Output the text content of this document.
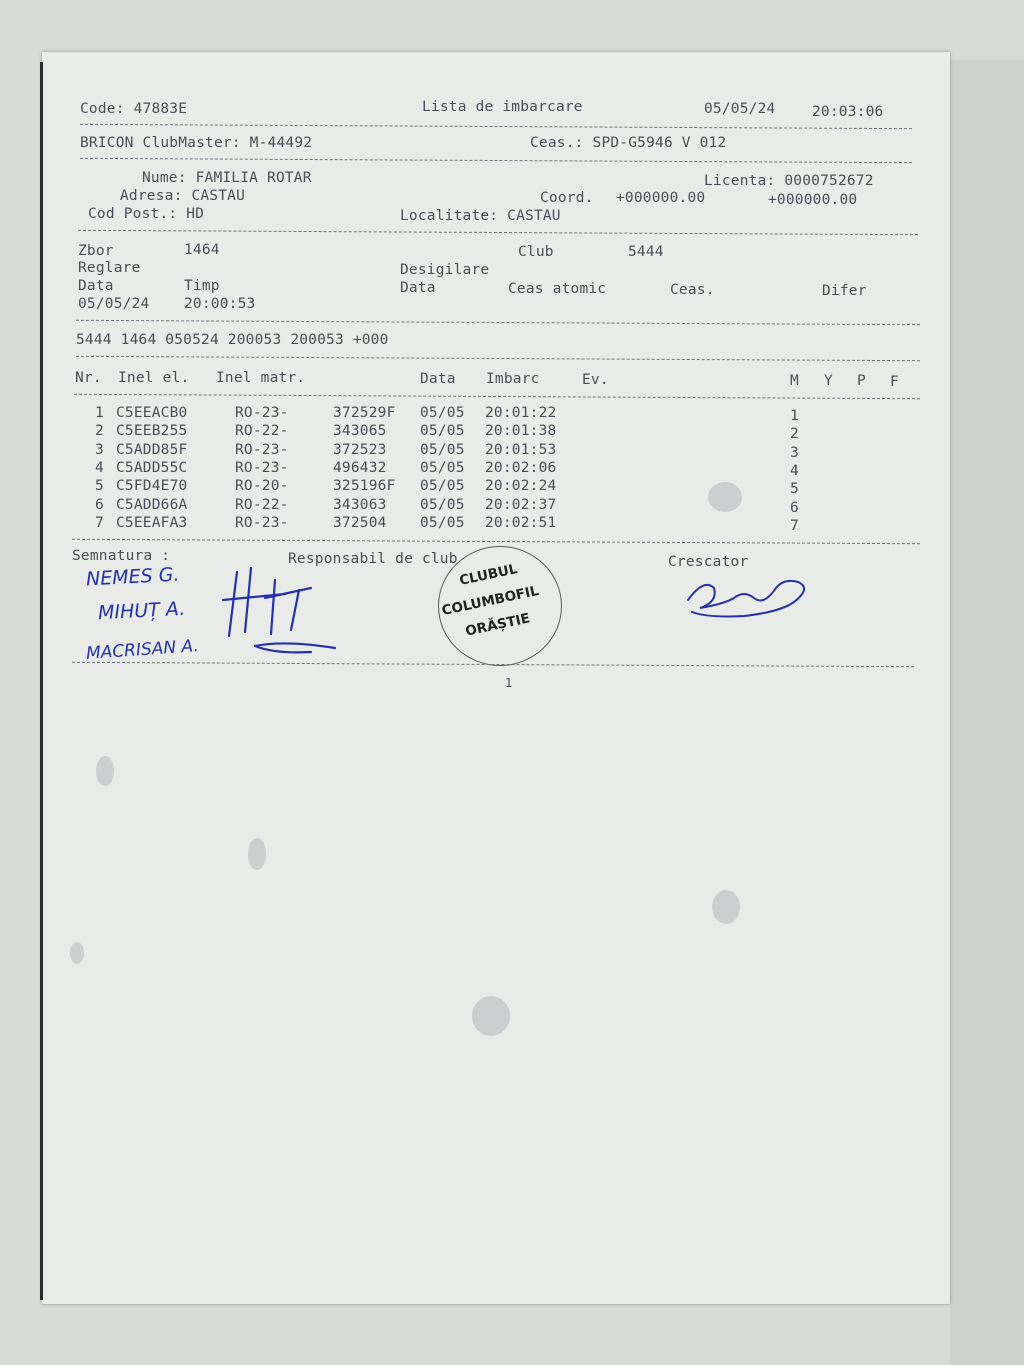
Code: 47883E	Lista de imbarcare	05/05/24	20:03:06
BRICON ClubMaster: M-44492	Ceas.: SPD-G5946 V 012
Nume: FAMILIA ROTAR	Licenta: 0000752672
Adresa: CASTAU	Coord. +000000.00	+000000.00
Cod Post.: HD	Localitate: CASTAU
Zbor	1464	Club	5444
Reglare	Desigilare
Data	Timp	Data	Ceas atomic	Ceas.	Difer
05/05/24 20:00:53
5444 1464 050524 200053 200053 +000
Nr. Inel el. Inel matr.	Data Imbarc	Ev.	M Y P F
1 C5EEACB0	RO-23-	372529F 05/05 20:01:22	1
2 C5EEB255	RO-22-	343065 05/05 20:01:38	2
3 C5ADD85F	RO-23-	372523 05/05 20:01:53	3
4 C5ADD55C	RO-23-	496432 05/05 20:02:06	4
5 C5FD4E70	RO-20-	325196F 05/05 20:02:24	5
6 C5ADD66A	RO-22-	343063 05/05 20:02:37	6
7 C5EEAFA3	RO-23-	372504 05/05 20:02:51	7
Semnatura :	Responsabil de club	Crescator
NEMES G.
MIHUȚ A.
MACRISAN A.
CLUBUL
COLUMBOFIL
ORĂȘTIE
1
